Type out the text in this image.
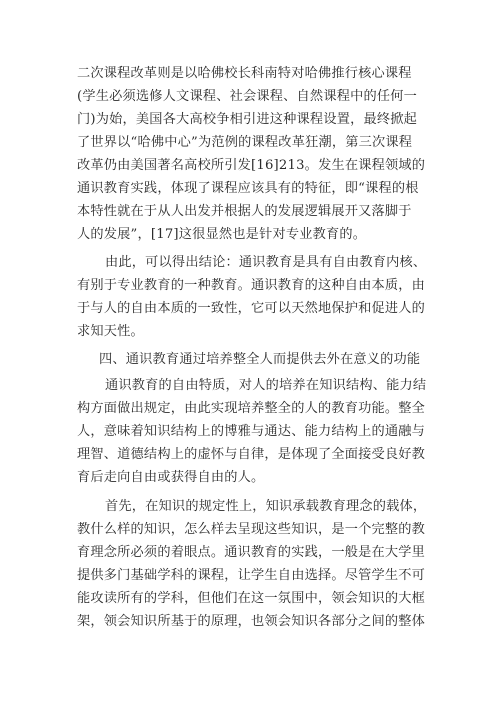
二次课程改革则是以哈佛校长科南特对哈佛推行核心课程
(学生必须选修人文课程、社会课程、自然课程中的任何一
门)为始，美国各大高校争相引进这种课程设置，最终掀起
了世界以“哈佛中心”为范例的课程改革狂潮，第三次课程
改革仍由美国著名高校所引发[16]213。发生在课程领域的
通识教育实践，体现了课程应该具有的特征，即“课程的根
本特性就在于从人出发并根据人的发展逻辑展开又落脚于
人的发展”，[17]这很显然也是针对专业教育的。
由此，可以得出结论：通识教育是具有自由教育内核、
有别于专业教育的一种教育。通识教育的这种自由本质，由
于与人的自由本质的一致性，它可以天然地保护和促进人的
求知天性。
四、通识教育通过培养整全人而提供去外在意义的功能
通识教育的自由特质，对人的培养在知识结构、能力结
构方面做出规定，由此实现培养整全的人的教育功能。整全
人，意味着知识结构上的博雅与通达、能力结构上的通融与
理智、道德结构上的虚怀与自律，是体现了全面接受良好教
育后走向自由或获得自由的人。
首先，在知识的规定性上，知识承载教育理念的载体，
教什么样的知识，怎么样去呈现这些知识，是一个完整的教
育理念所必须的着眼点。通识教育的实践，一般是在大学里
提供多门基础学科的课程，让学生自由选择。尽管学生不可
能攻读所有的学科，但他们在这一氛围中，领会知识的大框
架，领会知识所基于的原理，也领会知识各部分之间的整体
